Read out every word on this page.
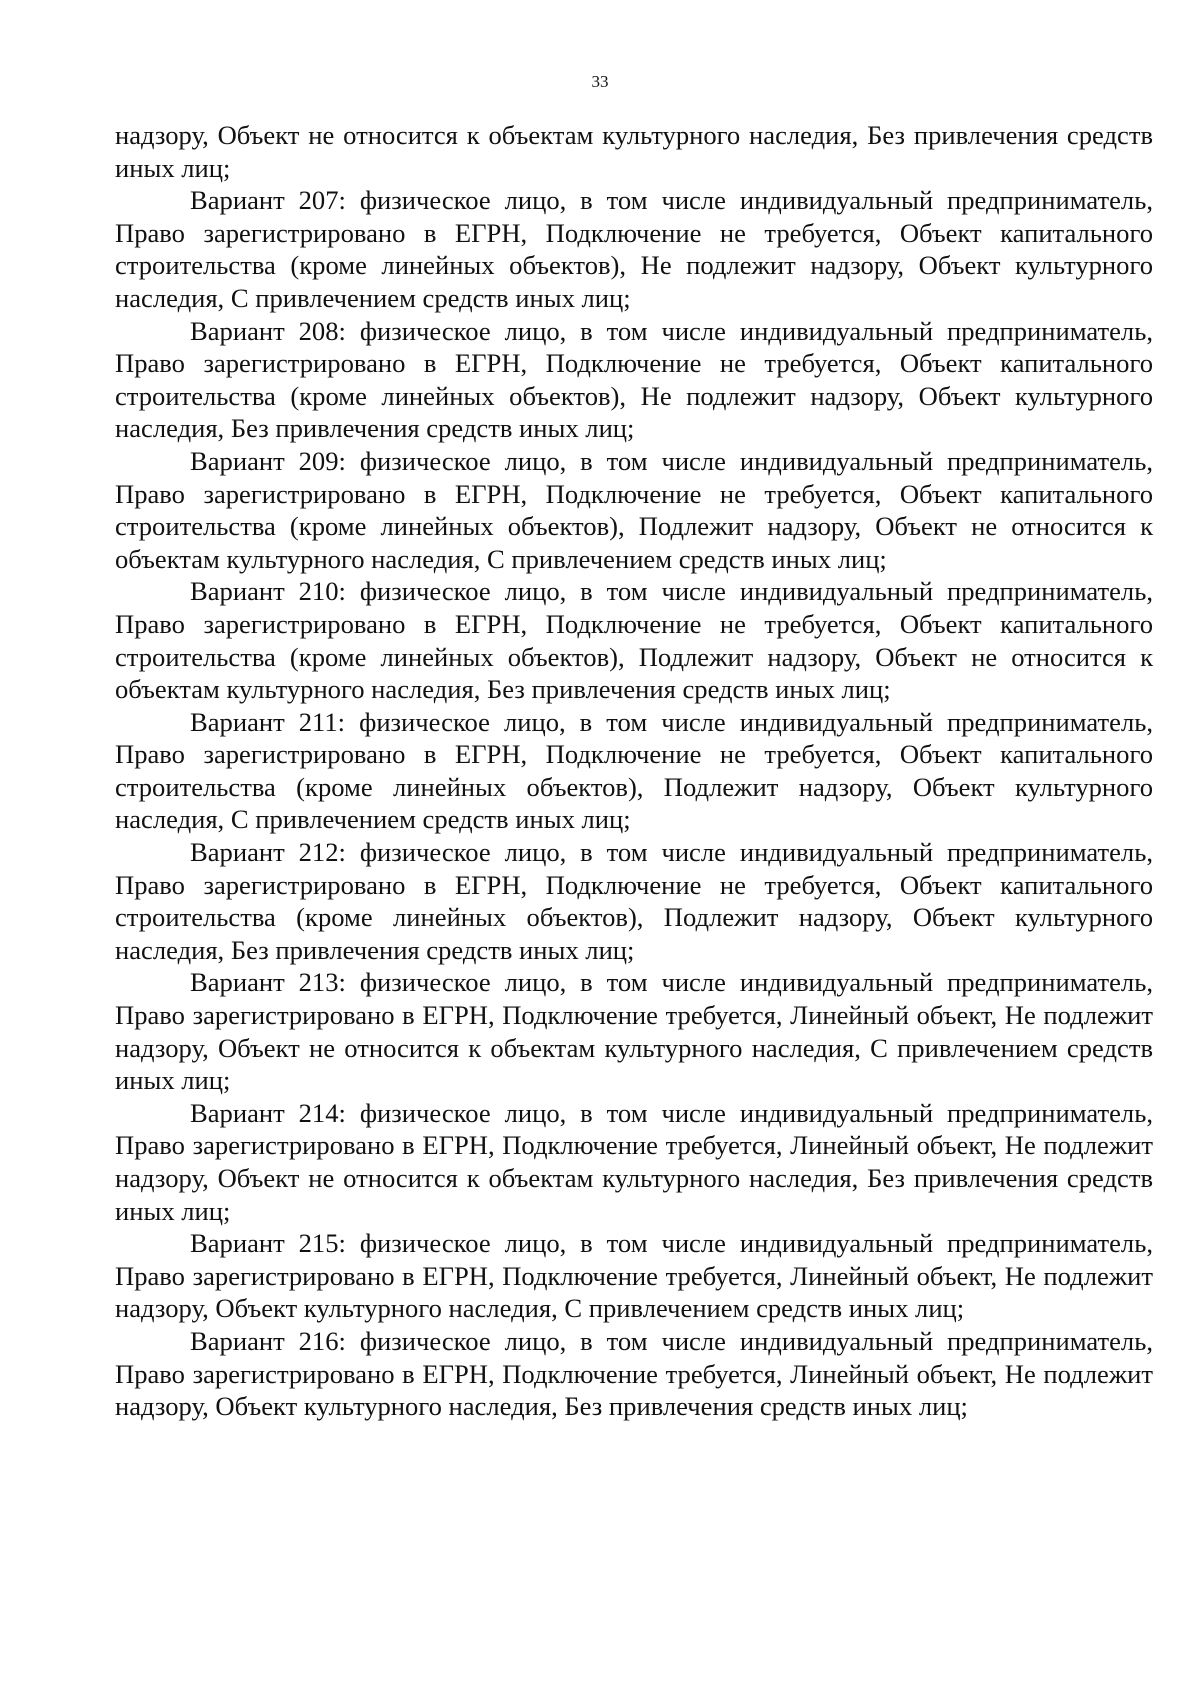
33

надзору, Объект не относится к объектам культурного наследия, Без привлечения средств иных лиц;

Вариант 207: физическое лицо, в том числе индивидуальный предприниматель, Право зарегистрировано в ЕГРН, Подключение не требуется, Объект капитального строительства (кроме линейных объектов), Не подлежит надзору, Объект культурного наследия, С привлечением средств иных лиц;

Вариант 208: физическое лицо, в том числе индивидуальный предприниматель, Право зарегистрировано в ЕГРН, Подключение не требуется, Объект капитального строительства (кроме линейных объектов), Не подлежит надзору, Объект культурного наследия, Без привлечения средств иных лиц;

Вариант 209: физическое лицо, в том числе индивидуальный предприниматель, Право зарегистрировано в ЕГРН, Подключение не требуется, Объект капитального строительства (кроме линейных объектов), Подлежит надзору, Объект не относится к объектам культурного наследия, С привлечением средств иных лиц;

Вариант 210: физическое лицо, в том числе индивидуальный предприниматель, Право зарегистрировано в ЕГРН, Подключение не требуется, Объект капитального строительства (кроме линейных объектов), Подлежит надзору, Объект не относится к объектам культурного наследия, Без привлечения средств иных лиц;

Вариант 211: физическое лицо, в том числе индивидуальный предприниматель, Право зарегистрировано в ЕГРН, Подключение не требуется, Объект капитального строительства (кроме линейных объектов), Подлежит надзору, Объект культурного наследия, С привлечением средств иных лиц;

Вариант 212: физическое лицо, в том числе индивидуальный предприниматель, Право зарегистрировано в ЕГРН, Подключение не требуется, Объект капитального строительства (кроме линейных объектов), Подлежит надзору, Объект культурного наследия, Без привлечения средств иных лиц;

Вариант 213: физическое лицо, в том числе индивидуальный предприниматель, Право зарегистрировано в ЕГРН, Подключение требуется, Линейный объект, Не подлежит надзору, Объект не относится к объектам культурного наследия, С привлечением средств иных лиц;

Вариант 214: физическое лицо, в том числе индивидуальный предприниматель, Право зарегистрировано в ЕГРН, Подключение требуется, Линейный объект, Не подлежит надзору, Объект не относится к объектам культурного наследия, Без привлечения средств иных лиц;

Вариант 215: физическое лицо, в том числе индивидуальный предприниматель, Право зарегистрировано в ЕГРН, Подключение требуется, Линейный объект, Не подлежит надзору, Объект культурного наследия, С привлечением средств иных лиц;

Вариант 216: физическое лицо, в том числе индивидуальный предприниматель, Право зарегистрировано в ЕГРН, Подключение требуется, Линейный объект, Не подлежит надзору, Объект культурного наследия, Без привлечения средств иных лиц;
